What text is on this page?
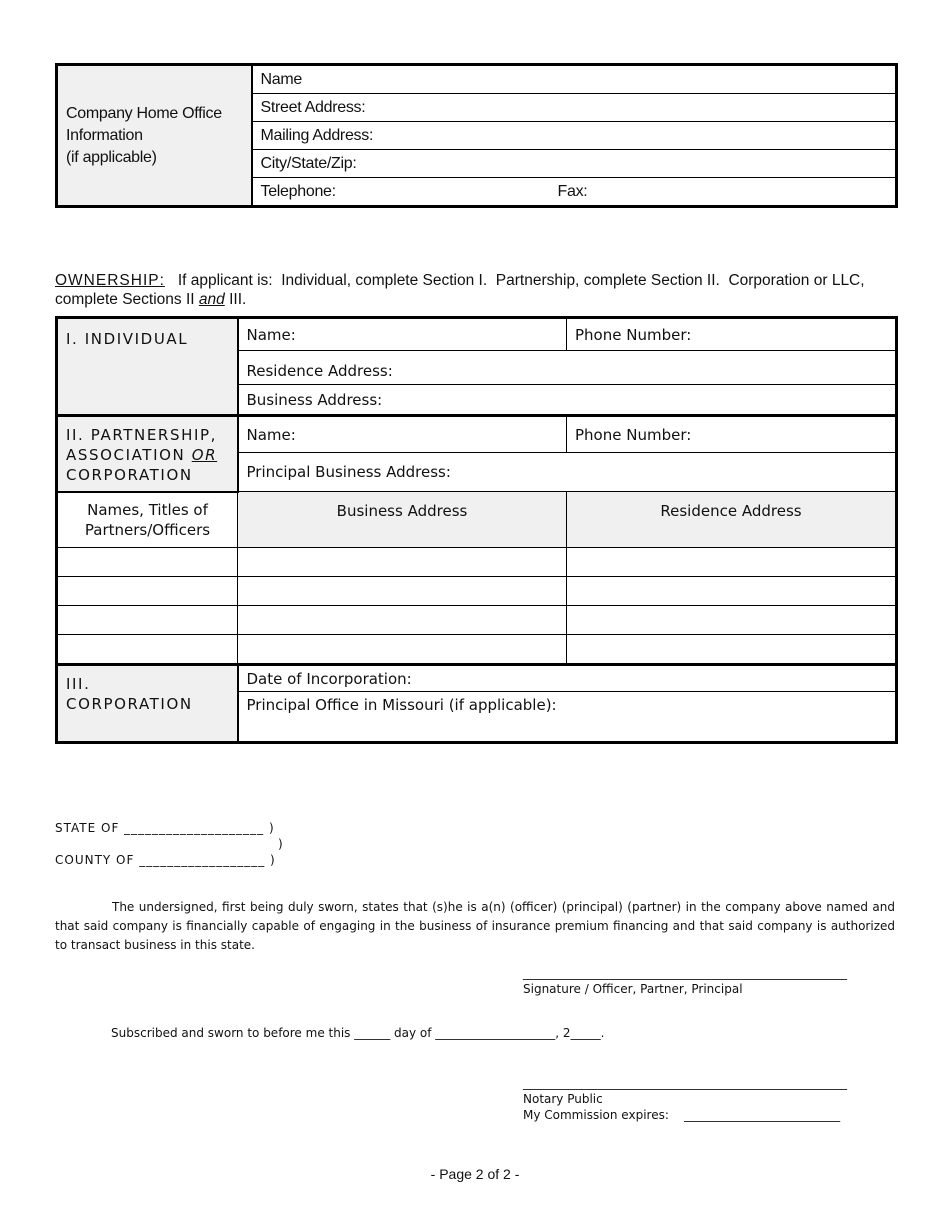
Company Home Office
Information
(if applicable)	Name	
	Street Address:	
	Mailing Address:	
	City/State/Zip:	
	Telephone:	Fax:
OWNERSHIP: If applicant is: Individual, complete Section I. Partnership, complete Section II. Corporation or LLC, complete Sections II and III.
I. INDIVIDUAL	Name:	Phone Number:
	Residence Address:	
	Business Address:	

II. PARTNERSHIP,
ASSOCIATION OR
CORPORATION	Name:	Phone Number:
	Principal Business Address:	

Names, Titles of
Partners/Officers	Business Address	Residence Address

III.
CORPORATION	Date of Incorporation:	
	Principal Office in Missouri (if applicable):	
STATE OF ____________________ )
)
COUNTY OF __________________ )
The undersigned, first being duly sworn, states that (s)he is a(n) (officer) (principal) (partner) in the company above named and that said company is financially capable of engaging in the business of insurance premium financing and that said company is authorized to transact business in this state.
______________________________________________________
Signature / Officer, Partner, Principal
Subscribed and sworn to before me this ______ day of ____________________, 2_____.
______________________________________________________
Notary Public
My Commission expires: __________________________
- Page 2 of 2 -
